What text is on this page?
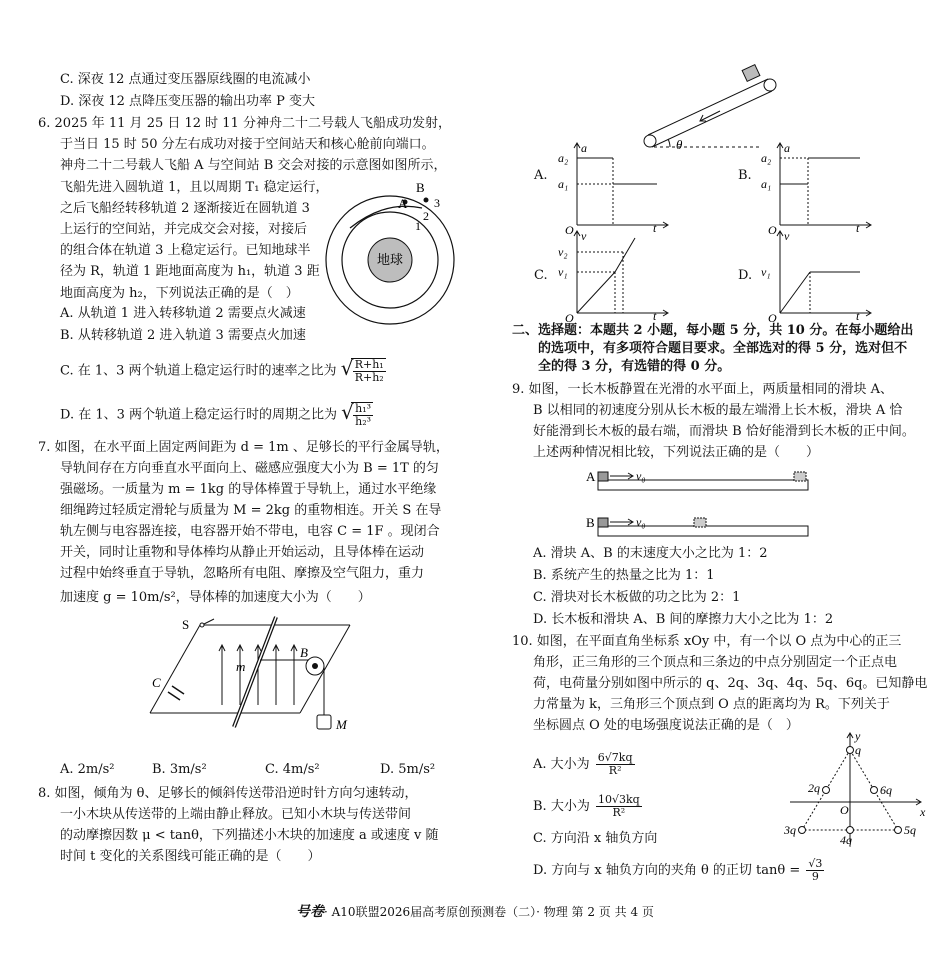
C. 深夜 12 点通过变压器原线圈的电流减小
D. 深夜 12 点降压变压器的输出功率 P 变大
6. 2025 年 11 月 25 日 12 时 11 分神舟二十二号载人飞船成功发射，
于当日 15 时 50 分左右成功对接于空间站天和核心舱前向端口。
神舟二十二号载人飞船 A 与空间站 B 交会对接的示意图如图所示，
飞船先进入圆轨道 1，且以周期 T₁ 稳定运行，
之后飞船经转移轨道 2 逐渐接近在圆轨道 3
上运行的空间站，并完成交会对接，对接后
的组合体在轨道 3 上稳定运行。已知地球半
径为 R，轨道 1 距地面高度为 h₁，轨道 3 距
地面高度为 h₂，下列说法正确的是（　）
A. 从轨道 1 进入转移轨道 2 需要点火减速
B. 从转移轨道 2 进入轨道 3 需要点火加速
C. 在 1、3 两个轨道上稳定运行时的速率之比为 √ $\frac{\text{R+h₁}}{\text{R+h₂}}$
D. 在 1、3 两个轨道上稳定运行时的周期之比为 √ $\frac{\text{h₁³}}{\text{h₂³}}$
地球
A
B
1
2
3
7. 如图，在水平面上固定两间距为 d = 1m 、足够长的平行金属导轨，
导轨间存在方向垂直水平面向上、磁感应强度大小为 B = 1T 的匀
强磁场。一质量为 m = 1kg 的导体棒置于导轨上，通过水平绝缘
细绳跨过轻质定滑轮与质量为 M = 2kg 的重物相连。开关 S 在导
轨左侧与电容器连接，电容器开始不带电，电容 C = 1F 。现闭合
开关，同时让重物和导体棒均从静止开始运动，且导体棒在运动
过程中始终垂直于导轨，忽略所有电阻、摩擦及空气阻力，重力
加速度 g = 10m/s²，导体棒的加速度大小为（　　）
S
C
B
m
M
A. 2m/s²	B. 3m/s²	C. 4m/s²	D. 5m/s²
8. 如图，倾角为 θ、足够长的倾斜传送带沿逆时针方向匀速转动，
一小木块从传送带的上端由静止释放。已知小木块与传送带间
的动摩擦因数 μ < tanθ，下列描述小木块的加速度 a 或速度 v 随
时间 t 变化的关系图线可能正确的是（　　）
θ
A.
a
a₂
a₁
O	t
B.
a
a₂
a₁
O	t
C.
v
v₂
v₁
O	t
D.
v
v₁
O	t
二、选择题：本题共 2 小题，每小题 5 分，共 10 分。在每小题给出
的选项中，有多项符合题目要求。全部选对的得 5 分，选对但不
全的得 3 分，有选错的得 0 分。
9. 如图，一长木板静置在光滑的水平面上，两质量相同的滑块 A、
B 以相同的初速度分别从长木板的最左端滑上长木板，滑块 A 恰
好能滑到长木板的最右端，而滑块 B 恰好能滑到长木板的正中间。
上述两种情况相比较，下列说法正确的是（　　）
A	v₀
B	v₀
A. 滑块 A、B 的末速度大小之比为 1：2
B. 系统产生的热量之比为 1：1
C. 滑块对长木板做的功之比为 2：1
D. 长木板和滑块 A、B 间的摩擦力大小之比为 1：2
10. 如图，在平面直角坐标系 xOy 中，有一个以 O 点为中心的正三
角形，正三角形的三个顶点和三条边的中点分别固定一个正点电
荷，电荷量分别如图中所示的 q、2q、3q、4q、5q、6q。已知静电
力常量为 k，三角形三个顶点到 O 点的距离均为 R。下列关于
坐标圆点 O 处的电场强度说法正确的是（　）
A. 大小为 $\frac{6√7kq}{\text{R²}}$
B. 大小为 $\frac{10√3kq}{\text{R²}}$
C. 方向沿 x 轴负方向
D. 方向与 x 轴负方向的夹角 θ 的正切 $\tan\theta = \frac{√3}{9}$
q
2q	6q
3q	5q
4q
x
y
O
号卷· A10联盟2026届高考原创预测卷（二）· 物理 第 2 页 共 4 页
